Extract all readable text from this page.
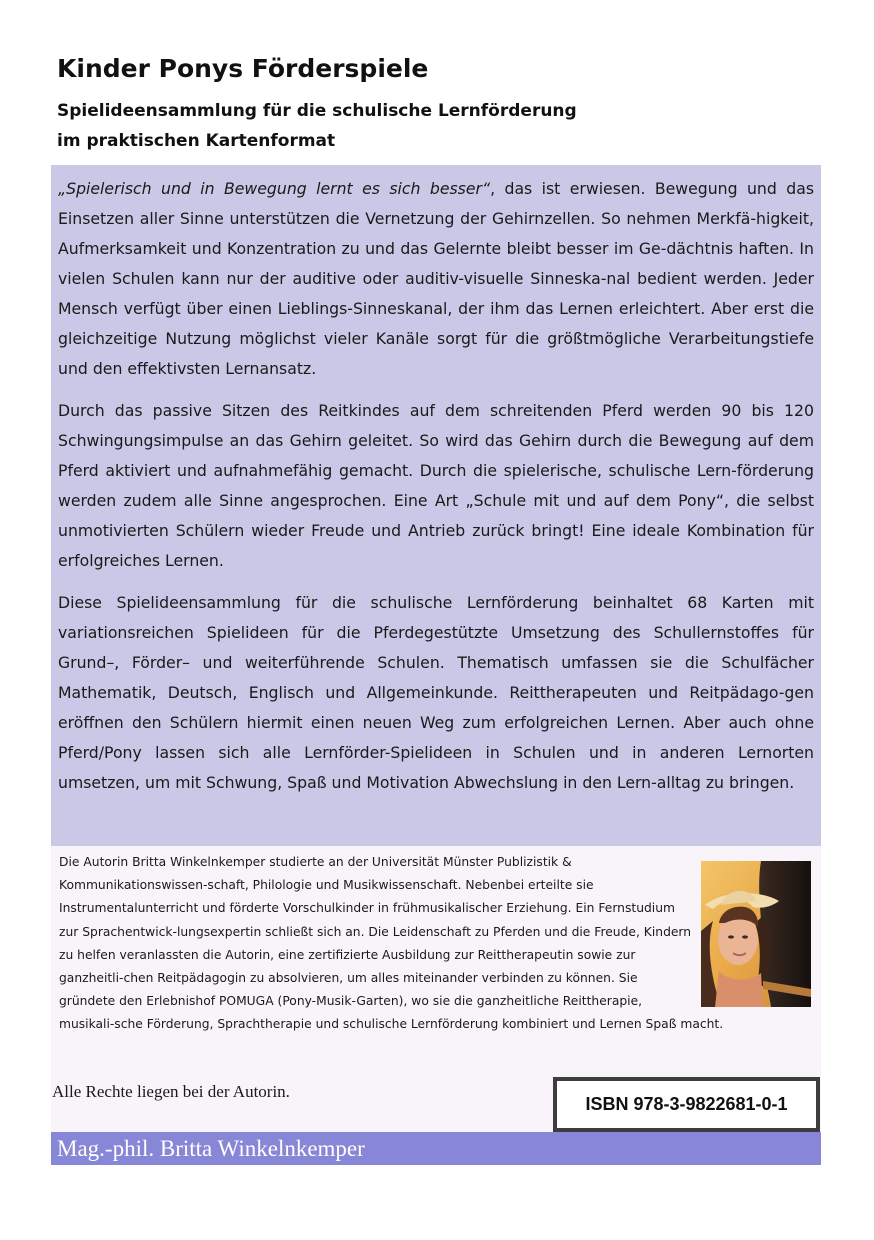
Kinder Ponys Förderspiele
Spielideensammlung für die schulische Lernförderung
im praktischen Kartenformat

„Spielerisch und in Bewegung lernt es sich besser“, das ist erwiesen. Bewegung und das Einsetzen aller Sinne unterstützen die Vernetzung der Gehirnzellen. So nehmen Merkfä-higkeit, Aufmerksamkeit und Konzentration zu und das Gelernte bleibt besser im Ge-dächtnis haften. In vielen Schulen kann nur der auditive oder auditiv-visuelle Sinneska-nal bedient werden. Jeder Mensch verfügt über einen Lieblings-Sinneskanal, der ihm das Lernen erleichtert. Aber erst die gleichzeitige Nutzung möglichst vieler Kanäle sorgt für die größtmögliche Verarbeitungstiefe und den effektivsten Lernansatz.

Durch das passive Sitzen des Reitkindes auf dem schreitenden Pferd werden 90 bis 120 Schwingungsimpulse an das Gehirn geleitet. So wird das Gehirn durch die Bewegung auf dem Pferd aktiviert und aufnahmefähig gemacht. Durch die spielerische, schulische Lern-förderung werden zudem alle Sinne angesprochen. Eine Art „Schule mit und auf dem Pony“, die selbst unmotivierten Schülern wieder Freude und Antrieb zurück bringt! Eine ideale Kombination für erfolgreiches Lernen.

Diese Spielideensammlung für die schulische Lernförderung beinhaltet 68 Karten mit variationsreichen Spielideen für die Pferdegestützte Umsetzung des Schullernstoffes für Grund–, Förder– und weiterführende Schulen. Thematisch umfassen sie die Schulfächer Mathematik, Deutsch, Englisch und Allgemeinkunde. Reittherapeuten und Reitpädago-gen eröffnen den Schülern hiermit einen neuen Weg zum erfolgreichen Lernen. Aber auch ohne Pferd/Pony lassen sich alle Lernförder-Spielideen in Schulen und in anderen Lernorten umsetzen, um mit Schwung, Spaß und Motivation Abwechslung in den Lern-alltag zu bringen.

Die Autorin Britta Winkelnkemper studierte an der Universität Münster Publizistik & Kommunikationswissen-schaft, Philologie und Musikwissenschaft. Nebenbei erteilte sie Instrumentalunterricht und förderte Vorschulkinder in frühmusikalischer Erziehung. Ein Fernstudium zur Sprachentwick-lungsexpertin schließt sich an. Die Leidenschaft zu Pferden und die Freude, Kindern zu helfen veranlassten die Autorin, eine zertifizierte Ausbildung zur Reittherapeutin sowie zur ganzheitli-chen Reitpädagogin zu absolvieren, um alles miteinander verbinden zu können. Sie gründete den Erlebnishof POMUGA (Pony-Musik-Garten), wo sie die ganzheitliche Reittherapie, musikali-sche Förderung, Sprachtherapie und schulische Lernförderung kombiniert und Lernen Spaß macht.

Alle Rechte liegen bei der Autorin.

ISBN 978-3-9822681-0-1
Mag.-phil. Britta Winkelnkemper
